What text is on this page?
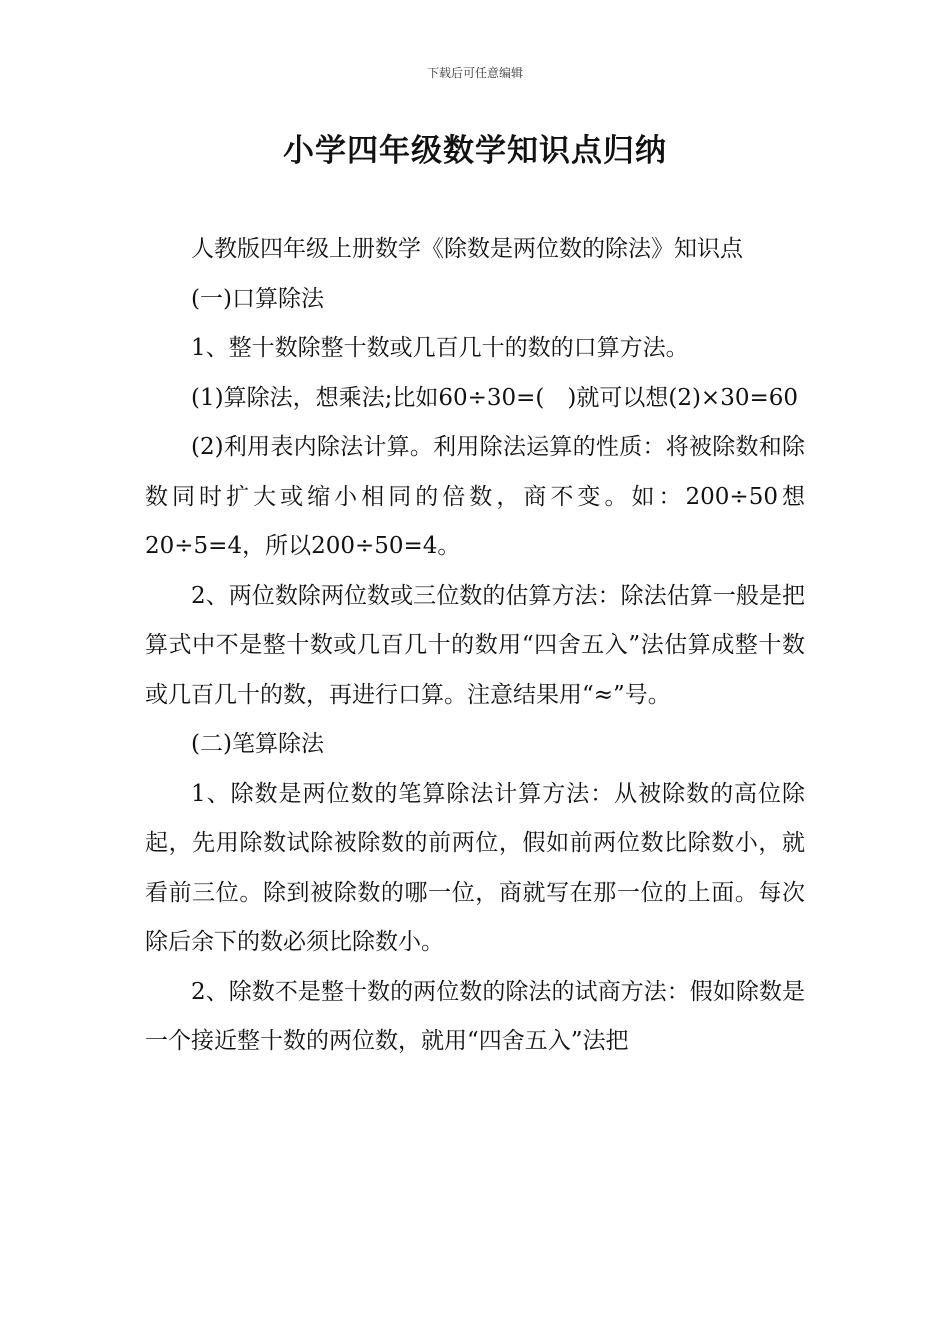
下载后可任意编辑
小学四年级数学知识点归纳

人教版四年级上册数学《除数是两位数的除法》知识点

(一)口算除法

1、整十数除整十数或几百几十的数的口算方法。

(1)算除法，想乘法;比如60÷30=(　)就可以想(2)×30=60

(2)利用表内除法计算。利用除法运算的性质：将被除数和除数同时扩大或缩小相同的倍数，商不变。如：200÷50想20÷5=4，所以200÷50=4。

2、两位数除两位数或三位数的估算方法：除法估算一般是把算式中不是整十数或几百几十的数用“四舍五入”法估算成整十数或几百几十的数，再进行口算。注意结果用“≈”号。

(二)笔算除法

1、除数是两位数的笔算除法计算方法：从被除数的高位除起，先用除数试除被除数的前两位，假如前两位数比除数小，就看前三位。除到被除数的哪一位，商就写在那一位的上面。每次除后余下的数必须比除数小。

2、除数不是整十数的两位数的除法的试商方法：假如除数是一个接近整十数的两位数，就用“四舍五入”法把
